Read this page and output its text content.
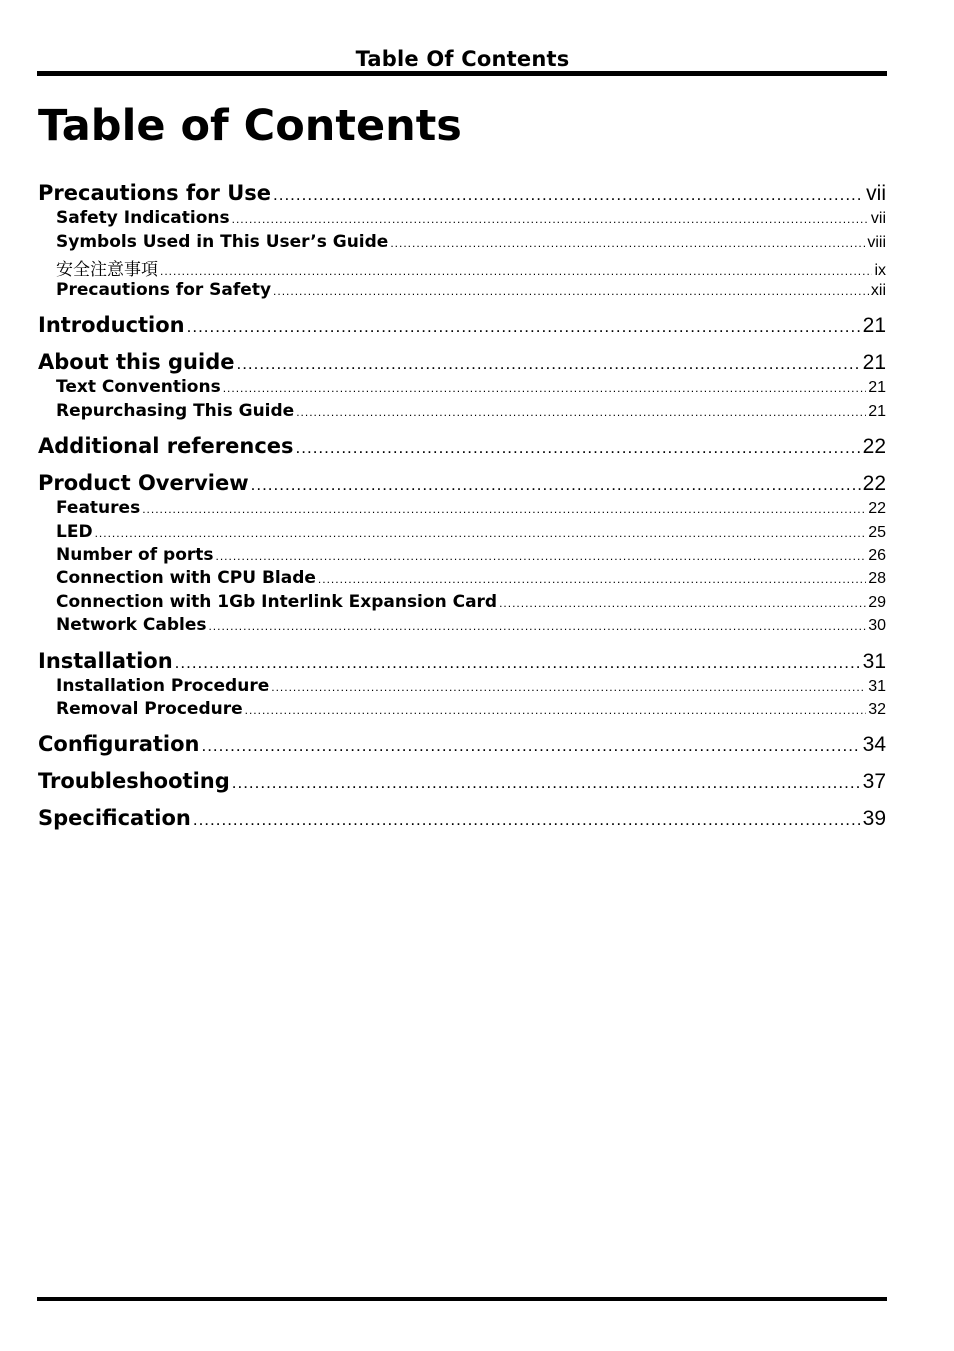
Table Of Contents
Table of Contents
Precautions for Use .....	vii
Safety Indications .....	vii
Symbols Used in This User’s Guide .....	viii
安全注意事項 .....	ix
Precautions for Safety .....	xii
Introduction .....	21
About this guide .....	21
Text Conventions .....	21
Repurchasing This Guide .....	21
Additional references .....	22
Product Overview .....	22
Features .....	22
LED .....	25
Number of ports .....	26
Connection with CPU Blade .....	28
Connection with 1Gb Interlink Expansion Card .....	29
Network Cables .....	30
Installation .....	31
Installation Procedure .....	31
Removal Procedure .....	32
Configuration .....	34
Troubleshooting .....	37
Specification .....	39
